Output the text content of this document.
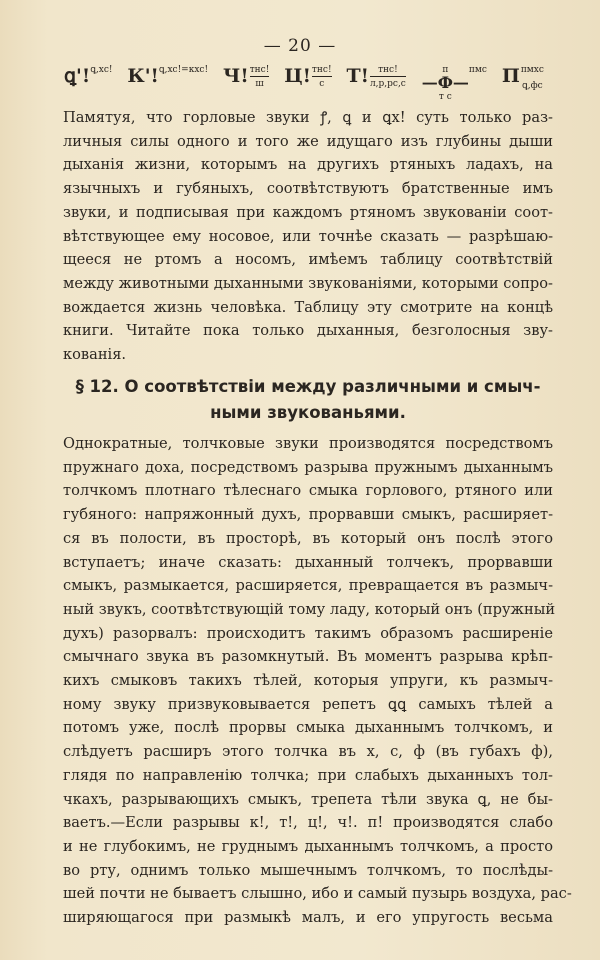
— 20 —
ꝗ'! ꝗ,хс! К'! ꝗ,хс!=кхс! Ч! тнс!
ш Ц! тнс!
с Т! тнс!
л,р,рс,с
п
—Ф—
т с
пмс П пмхс
ꝗ,фс
Памятуя, что горловые звуки ꝭ, ꝗ и ꝗх! суть только раз-
личныя силы одного и того же идущаго изъ глубины дыши
дыханія жизни, которымъ на другихъ ртяныхъ ладахъ, на
язычныхъ и губяныхъ, соотвѣтствуютъ братственные имъ
звуки, и подписывая при каждомъ ртяномъ звукованіи соот-
вѣтствующее ему носовое, или точнѣе сказать — разрѣшаю-
щееся не ртомъ а носомъ, имѣемъ таблицу соотвѣтствій
между животными дыханными звукованіями, которыми сопро-
вождается жизнь человѣка. Таблицу эту смотрите на концѣ
книги. Читайте пока только дыханныя, безголосныя зву-
кованія.
§ 12. О соотвѣтствіи между различными и смыч-
ными звукованьями.
Однократные, толчковые звуки производятся посредствомъ
пружнаго доха, посредствомъ разрыва пружнымъ дыханнымъ
толчкомъ плотнаго тѣлеснаго смыка горлового, ртяного или
губяного: напряжонный духъ, прорвавши смыкъ, расширяет-
ся въ полости, въ просторѣ, въ который онъ послѣ этого
вступаетъ; иначе сказать: дыханный толчекъ, прорвавши
смыкъ, размыкается, расширяется, превращается въ размыч-
ный звукъ, соотвѣтствующій тому ладу, который онъ (пружный
духъ) разорвалъ: происходитъ такимъ образомъ расширеніе
смычнаго звука въ разомкнутый. Въ моментъ разрыва крѣп-
кихъ смыковъ такихъ тѣлей, которыя упруги, къ размыч-
ному звуку призвуковывается репетъ ꝗꝗ самыхъ тѣлей а
потомъ уже, послѣ прорвы смыка дыханнымъ толчкомъ, и
слѣдуетъ расширъ этого толчка въ х, с, ф (въ губахъ ф),
глядя по направленію толчка; при слабыхъ дыханныхъ тол-
чкахъ, разрывающихъ смыкъ, трепета тѣли звука ꝗ, не бы-
ваетъ.—Если разрывы к!, т!, ц!, ч!. п! производятся слабо
и не глубокимъ, не груднымъ дыханнымъ толчкомъ, а просто
во рту, однимъ только мышечнымъ толчкомъ, то послѣды-
шей почти не бываетъ слышно, ибо и самый пузырь воздуха, рас-
ширяющагося при размыкѣ малъ, и его упругость весьма
